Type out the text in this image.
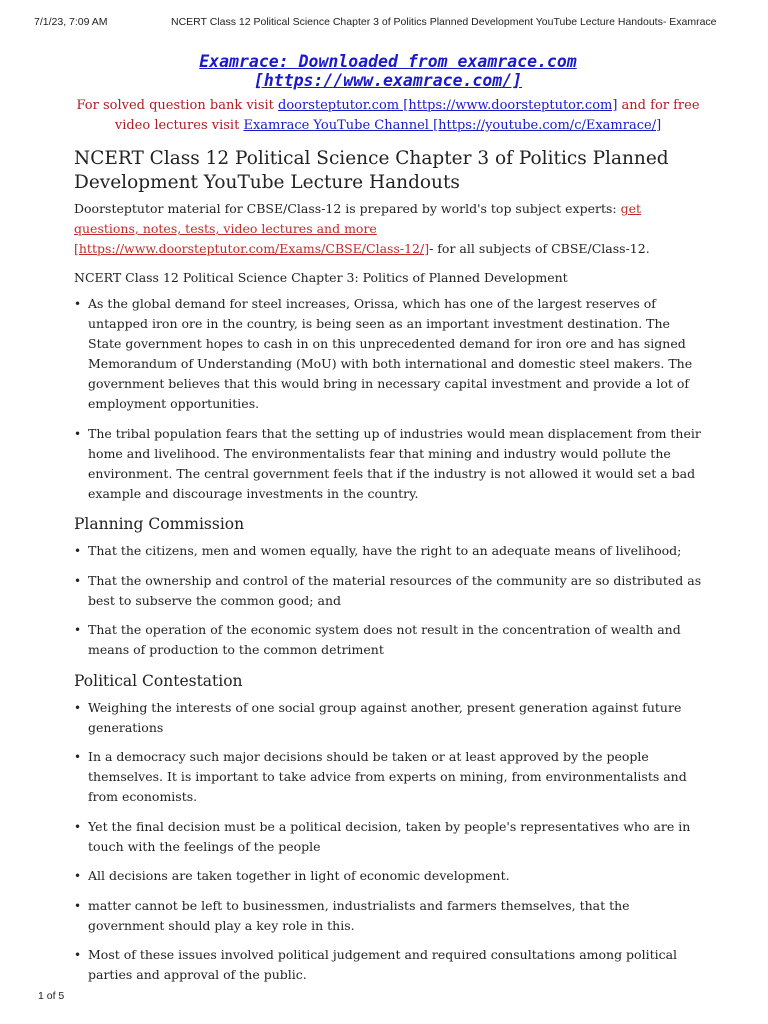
7/1/23, 7:09 AM	NCERT Class 12 Political Science Chapter 3 of Politics Planned Development YouTube Lecture Handouts- Examrace
Examrace: Downloaded from examrace.com [https://www.examrace.com/]

For solved question bank visit doorsteptutor.com [https://www.doorsteptutor.com] and for free video lectures visit Examrace YouTube Channel [https://youtube.com/c/Examrace/]

NCERT Class 12 Political Science Chapter 3 of Politics Planned Development YouTube Lecture Handouts

Doorsteptutor material for CBSE/Class-12 is prepared by world's top subject experts: get questions, notes, tests, video lectures and more [https://www.doorsteptutor.com/Exams/CBSE/Class-12/]- for all subjects of CBSE/Class-12.

NCERT Class 12 Political Science Chapter 3: Politics of Planned Development

• As the global demand for steel increases, Orissa, which has one of the largest reserves of untapped iron ore in the country, is being seen as an important investment destination. The State government hopes to cash in on this unprecedented demand for iron ore and has signed Memorandum of Understanding (MoU) with both international and domestic steel makers. The government believes that this would bring in necessary capital investment and provide a lot of employment opportunities.
• The tribal population fears that the setting up of industries would mean displacement from their home and livelihood. The environmentalists fear that mining and industry would pollute the environment. The central government feels that if the industry is not allowed it would set a bad example and discourage investments in the country.
Planning Commission
• That the citizens, men and women equally, have the right to an adequate means of livelihood;
• That the ownership and control of the material resources of the community are so distributed as best to subserve the common good; and
• That the operation of the economic system does not result in the concentration of wealth and means of production to the common detriment
Political Contestation
• Weighing the interests of one social group against another, present generation against future generations
• In a democracy such major decisions should be taken or at least approved by the people themselves. It is important to take advice from experts on mining, from environmentalists and from economists.
• Yet the final decision must be a political decision, taken by people's representatives who are in touch with the feelings of the people
• All decisions are taken together in light of economic development.
• matter cannot be left to businessmen, industrialists and farmers themselves, that the government should play a key role in this.
• Most of these issues involved political judgement and required consultations among political parties and approval of the public.
1 of 5
